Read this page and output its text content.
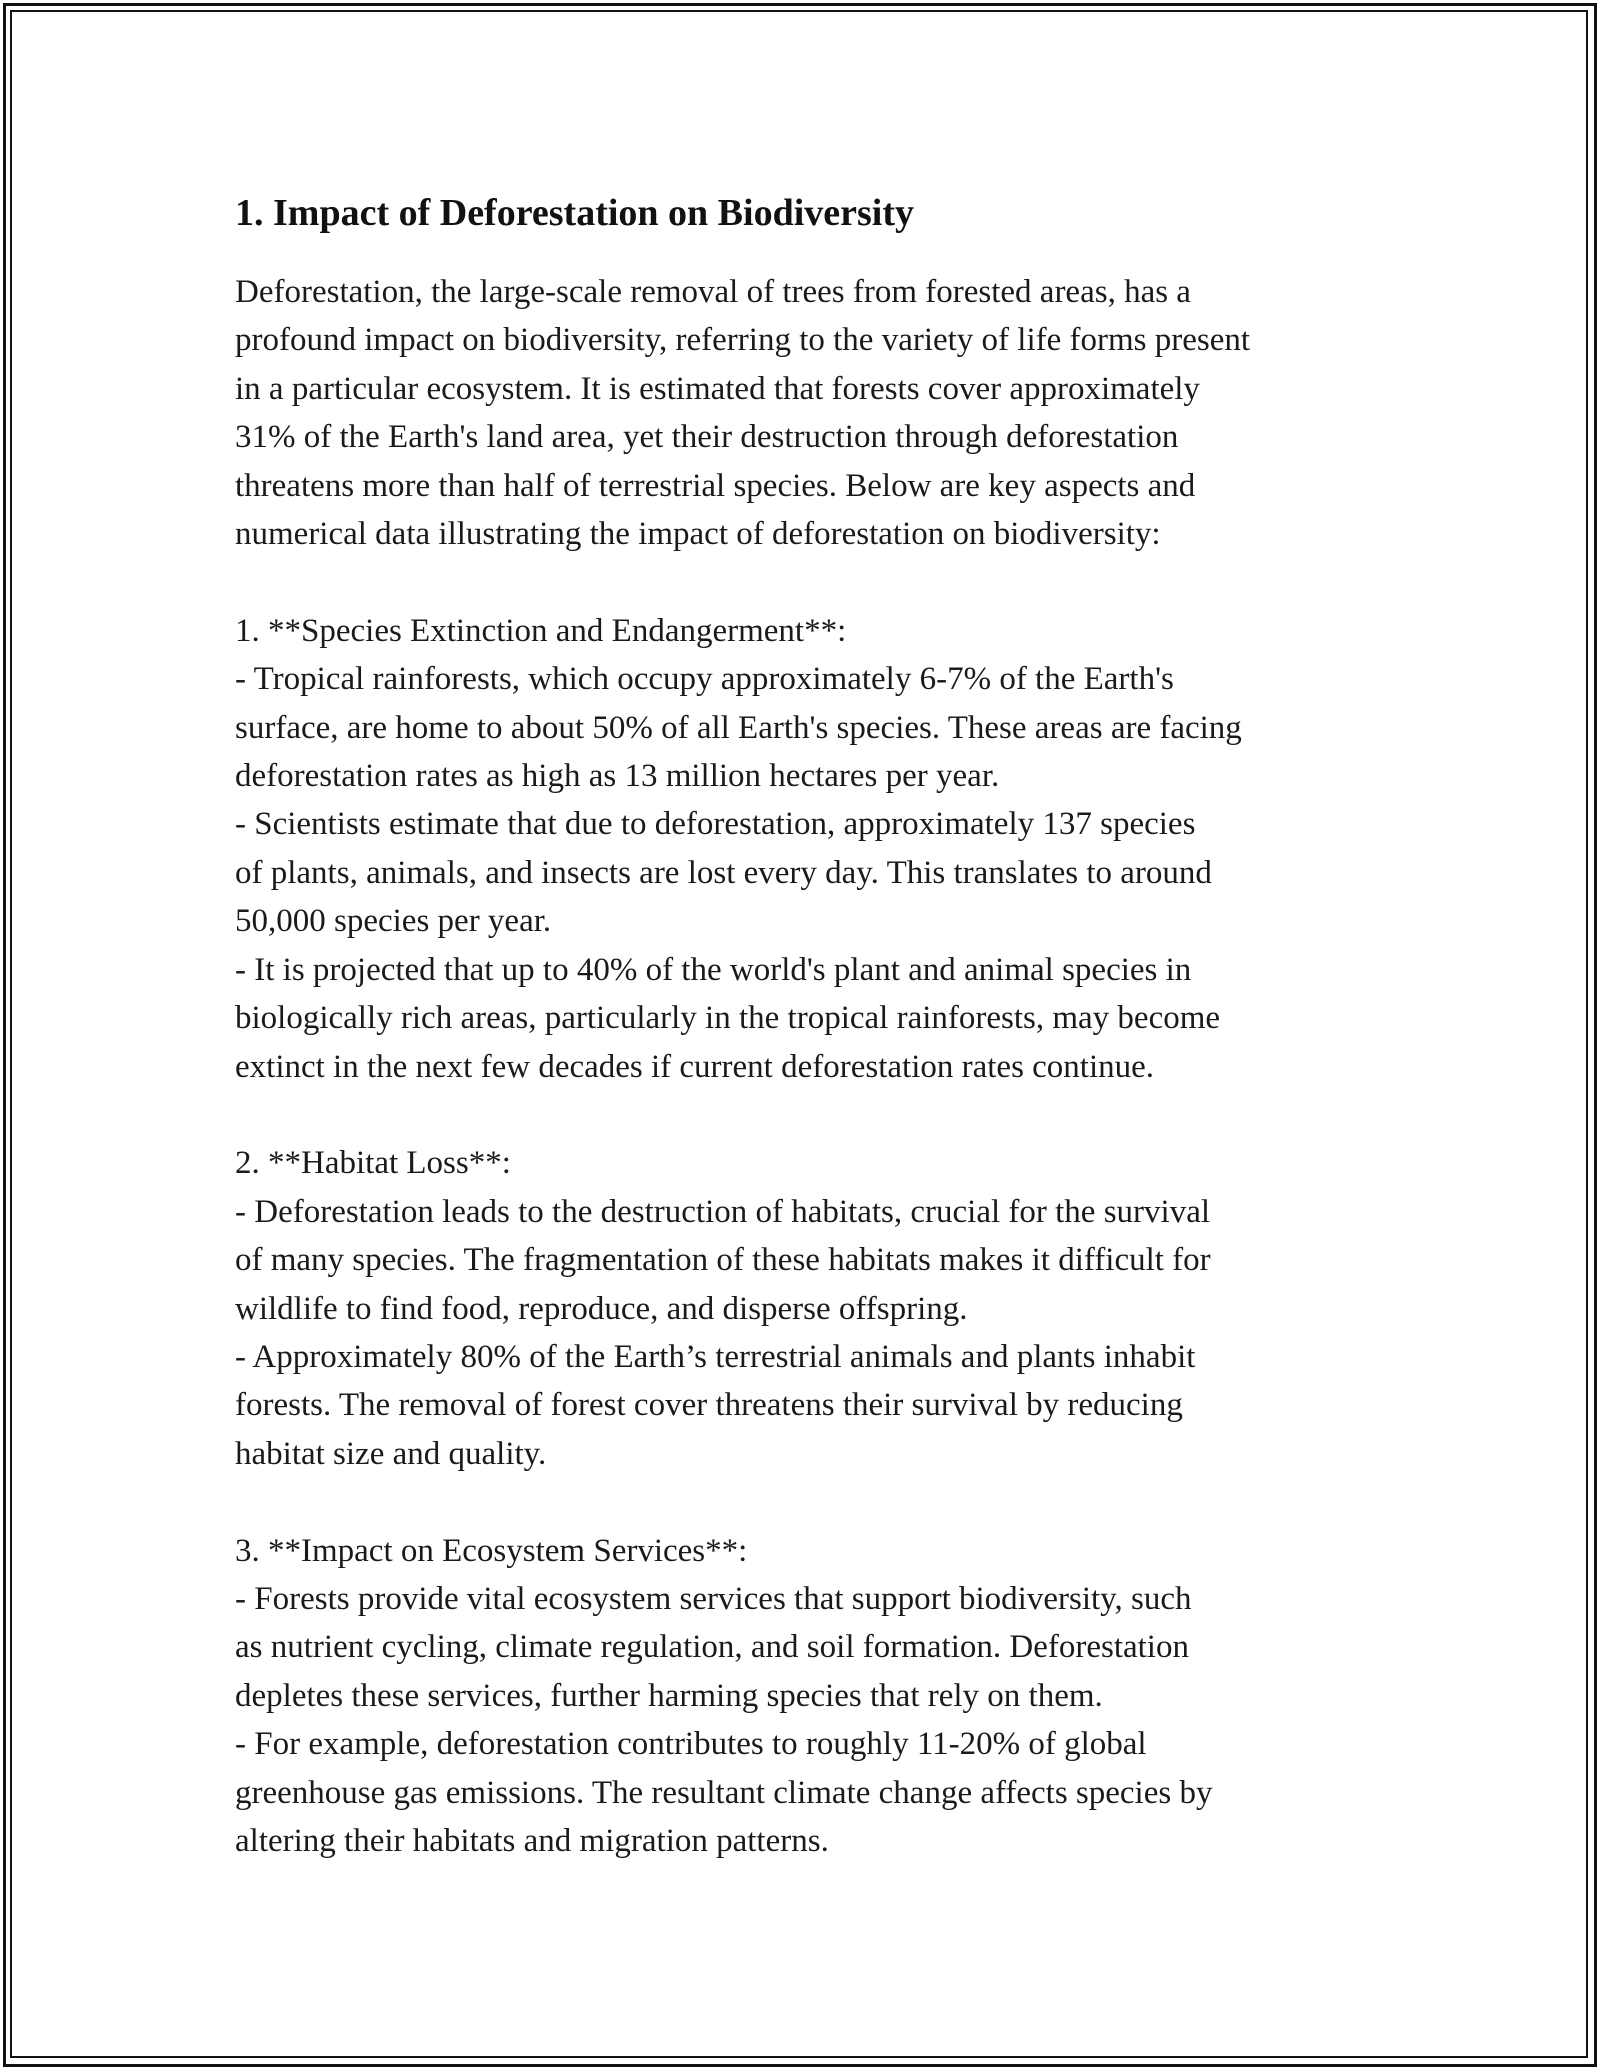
1. Impact of Deforestation on Biodiversity

Deforestation, the large-scale removal of trees from forested areas, has a
profound impact on biodiversity, referring to the variety of life forms present
in a particular ecosystem. It is estimated that forests cover approximately
31% of the Earth's land area, yet their destruction through deforestation
threatens more than half of terrestrial species. Below are key aspects and
numerical data illustrating the impact of deforestation on biodiversity:

1. **Species Extinction and Endangerment**:
- Tropical rainforests, which occupy approximately 6-7% of the Earth's
surface, are home to about 50% of all Earth's species. These areas are facing
deforestation rates as high as 13 million hectares per year.
- Scientists estimate that due to deforestation, approximately 137 species
of plants, animals, and insects are lost every day. This translates to around
50,000 species per year.
- It is projected that up to 40% of the world's plant and animal species in
biologically rich areas, particularly in the tropical rainforests, may become
extinct in the next few decades if current deforestation rates continue.

2. **Habitat Loss**:
- Deforestation leads to the destruction of habitats, crucial for the survival
of many species. The fragmentation of these habitats makes it difficult for
wildlife to find food, reproduce, and disperse offspring.
- Approximately 80% of the Earth’s terrestrial animals and plants inhabit
forests. The removal of forest cover threatens their survival by reducing
habitat size and quality.

3. **Impact on Ecosystem Services**:
- Forests provide vital ecosystem services that support biodiversity, such
as nutrient cycling, climate regulation, and soil formation. Deforestation
depletes these services, further harming species that rely on them.
- For example, deforestation contributes to roughly 11-20% of global
greenhouse gas emissions. The resultant climate change affects species by
altering their habitats and migration patterns.
